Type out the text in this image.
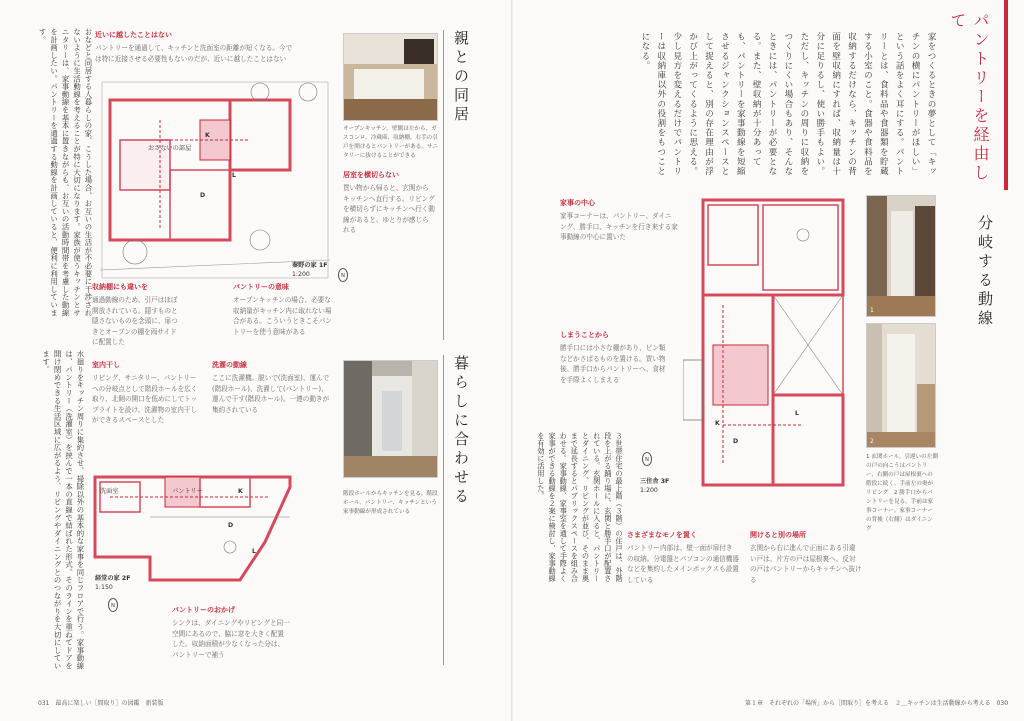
おなどと同居する人暮らしの家、こうした場合、お互いの生活が不必要に干渉されないように生活動線を考えることが特に大切になります。家族が使うキッチンとサニタリーは、家事動線を基本に置きながらも、お互いの活動時間帯を考慮した動線を計画したい。パントリーを通過する動線を計画していると、便利に利用しています。	近いに越したことはない
パントリーを通過して、キッチンと洗面室の距離が短くなる。今では特に近接させる必要性もないのだが、近いに越したことはない
おさないの部屋
L
D
K
オープンキッチン。壁側は左から、ガスコンロ、冷蔵庫、収納棚。右手の引戸を開けるとパントリーがある。サニタリーに抜けることができる
居室を横切らない
買い物から帰ると、玄関からキッチンへ直行する。リビングを横切らずにキッチンへ行く動線があると、ゆとりが感じられる
収納棚にも違いを
通過動線のため、引戸はほぼ開放されている。隠すものと隠さないものを念頭に、扉つきとオープンの棚を両サイドに配置した
パントリーの意味
オープンキッチンの場合、必要な収納量がキッチン内に取れない場合がある。こういうときこそパントリーを使う意味がある
秦野の家 1F
1:200	N
親との同居
水廻りをキッチン周りに集約させ、掃除以外の基本的な家事を同じフロアで行う。家事動線は、パントリー（洗濯室）を挟んで一本の直線で結ばれた形式。そのラインを重ねてドアを開け閉めできる生活区域に広がるよう、リビングやダイニングとのつながりを大切にしています。	室内干し
リビング、サニタリー、パントリーへの分岐点として階段ホールを広く取り、北側の開口を低めにしてトップライトを設け、洗濯物の室内干しができるスペースとした
洗濯の動線
ここに洗濯機。脱いで(洗面室)、運んで(階段ホール)、洗濯して(パントリー)、運んで干す(階段ホール)。一連の動きが集約されている
階段ホールからキッチンを見る。階段ホール、パントリー、キッチンという家事動線が形成されている
洗面室	パントリー
D
K
L
経堂の家 2F
1:150
N	パントリーのおかげ
シンクは、ダイニングやリビングと同一空間にあるので、脇に窓を大きく配置した。収納面積が少なくなった分は、パントリーで補う
暮らしに合わせる
031　最高に楽しい［間取り］の図鑑　新装版
パントリーを経由して
家をつくるときの夢として「キッチンの横にパントリーがほしい」という話をよく耳にする。パントリーとは、食料品や食器類を貯蔵する小室のこと。食器や食料品を収納するだけなら、キッチンの背面を壁収納にすれば、収納量は十分に足りるし、使い勝手もよい。ただし、キッチンの周りに収納をつくりにくい場合もあり、そんなときには、パントリーが必要となる。また、壁収納が十分あっても、パントリーを家事動線を短縮させるジャンクションスペースとして捉えると、別の存在理由が浮かび上がってくるように思える。少し見方を変えるだけでパントリーは収納庫以外の役割をもつことになる。
分岐する動線
家事の中心
家事コーナーは、パントリー、ダイニング、勝手口、キッチンを行き来する家事動線の中心に置いた
L
D
K
しまうことから
勝手口には小さな棚があり、ピン類などかさばるものを置ける。買い物後、勝手口からパントリーへ、食材を手際よくしまえる
３世帯住宅の最上階（３階）の住戸は、外階段を上がる踊り場に、玄関と勝手口が配置されている。玄関ホールに入ると、パントリーとダイニング、リビングが並び、そのまま奥まで延長するとパブリックスペースを組み合わせる。家事動線、家事室を通して手際よく家事ができる動線を２案に検討し、家事動線を有効に活用した。	N
三住舎 3F
1:200
さまざまなモノを置く
パントリー内部は、壁一面が扉付きの収納。分電盤とパソコンの通信機器などを集約したメインボックスも設置している
開けると別の場所
玄関から右に進んで正面にある引違い戸は、片方の戸は屋根裏へ、反対の戸はパントリーからキッチンへ抜ける
1
2
1 玄関ホール。引違いの左側の戸の向こうはパントリー、右側の戸は屋根裏への階段に続く。手前左の奥がリビング　2 勝手口からパントリーを見る。手前は家事コーナー。家事コーナーの背後（右側）はダイニング
第１章　それぞれの「場所」から［間取り］を考える　２＿キッチンは生活動線から考える　030
